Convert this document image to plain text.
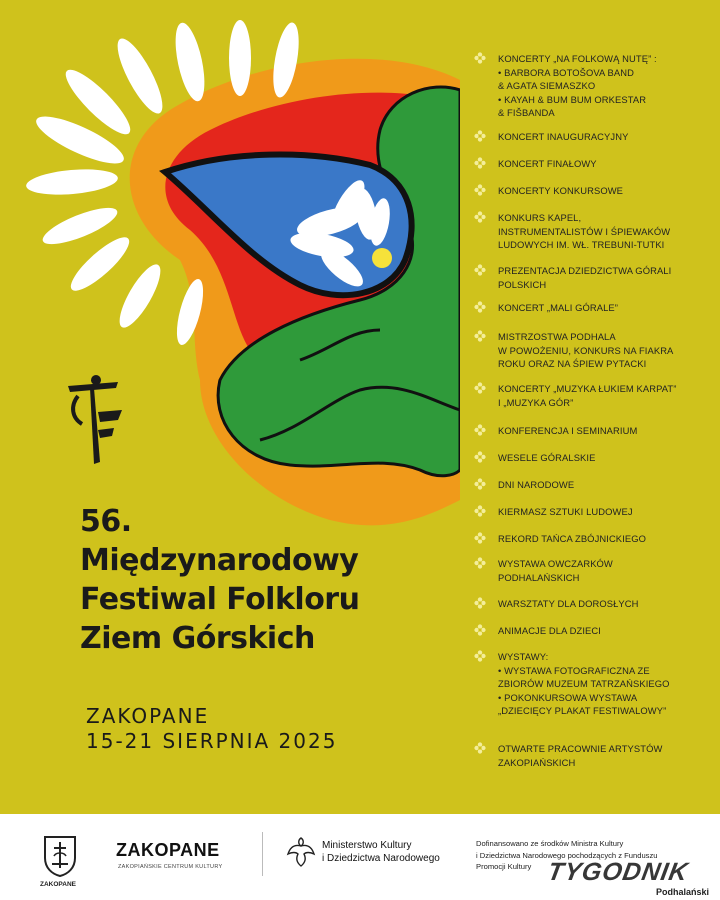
56.
Międzynarodowy
Festiwal Folkloru
Ziem Górskich
ZAKOPANE
15-21 SIERPNIA 2025
KONCERTY „NA FOLKOWĄ NUTĘ” :
• BARBORA BOTOŠOVA BAND
& AGATA SIEMASZKO
• KAYAH & BUM BUM ORKESTAR
& FIŠBANDA
KONCERT INAUGURACYJNY
KONCERT FINAŁOWY
KONCERTY KONKURSOWE
KONKURS KAPEL,
INSTRUMENTALISTÓW I ŚPIEWAKÓW
LUDOWYCH IM. WŁ. TREBUNI-TUTKI
PREZENTACJA DZIEDZICTWA GÓRALI
POLSKICH
KONCERT „MALI GÓRALE”
MISTRZOSTWA PODHALA
W POWOŻENIU, KONKURS NA FIAKRA
ROKU ORAZ NA ŚPIEW PYTACKI
KONCERTY „MUZYKA ŁUKIEM KARPAT”
I „MUZYKA GÓR”
KONFERENCJA I SEMINARIUM
WESELE GÓRALSKIE
DNI NARODOWE
KIERMASZ SZTUKI LUDOWEJ
REKORD TAŃCA ZBÓJNICKIEGO
WYSTAWA OWCZARKÓW
PODHALAŃSKICH
WARSZTATY DLA DOROSŁYCH
ANIMACJE DLA DZIECI
WYSTAWY:
• WYSTAWA FOTOGRAFICZNA ZE
ZBIORÓW MUZEUM TATRZAŃSKIEGO
• POKONKURSOWA WYSTAWA
„DZIECIĘCY PLAKAT FESTIWALOWY”
OTWARTE PRACOWNIE ARTYSTÓW
ZAKOPIAŃSKICH
ZAKOPANE
ZAKOPANE
ZAKOPIAŃSKIE CENTRUM KULTURY
Ministerstwo Kultury
i Dziedzictwa Narodowego
Dofinansowano ze środków Ministra Kultury
i Dziedzictwa Narodowego pochodzących z Funduszu
Promocji Kultury TYGODNIK
Podhalański
